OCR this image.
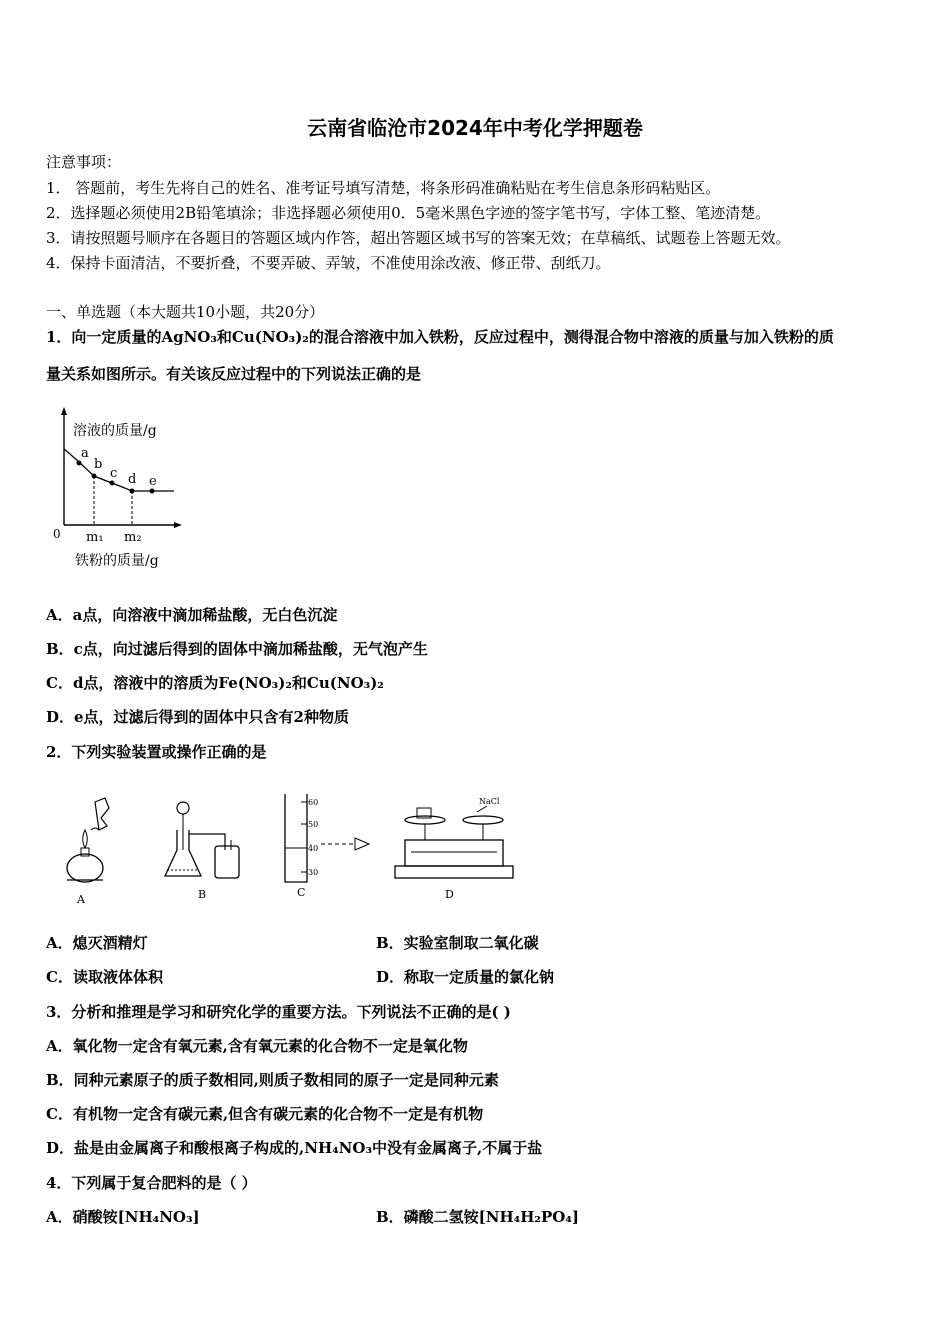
云南省临沧市2024年中考化学押题卷
注意事项：
1． 答题前，考生先将自己的姓名、准考证号填写清楚，将条形码准确粘贴在考生信息条形码粘贴区。
2．选择题必须使用2B铅笔填涂；非选择题必须使用0．5毫米黑色字迹的签字笔书写，字体工整、笔迹清楚。
3．请按照题号顺序在各题目的答题区域内作答，超出答题区域书写的答案无效；在草稿纸、试题卷上答题无效。
4．保持卡面清洁，不要折叠，不要弄破、弄皱，不准使用涂改液、修正带、刮纸刀。
一、单选题（本大题共10小题，共20分）
1．向一定质量的AgNO₃和Cu(NO₃)₂的混合溶液中加入铁粉，反应过程中，测得混合物中溶液的质量与加入铁粉的质
量关系如图所示。有关该反应过程中的下列说法正确的是
a
b
c d e
溶液的质量/g
0 m₁ m₂
铁粉的质量/g
A．a点，向溶液中滴加稀盐酸，无白色沉淀
B．c点，向过滤后得到的固体中滴加稀盐酸，无气泡产生
C．d点，溶液中的溶质为Fe(NO₃)₂和Cu(NO₃)₂
D．e点，过滤后得到的固体中只含有2种物质
2．下列实验装置或操作正确的是
A	B
60
50
40
30
C
NaCl
D
A．熄灭酒精灯	B．实验室制取二氧化碳
C．读取液体体积	D．称取一定质量的氯化钠
3．分析和推理是学习和研究化学的重要方法。下列说法不正确的是( )
A．氧化物一定含有氧元素,含有氧元素的化合物不一定是氧化物
B．同种元素原子的质子数相同,则质子数相同的原子一定是同种元素
C．有机物一定含有碳元素,但含有碳元素的化合物不一定是有机物
D．盐是由金属离子和酸根离子构成的,NH₄NO₃中没有金属离子,不属于盐
4．下列属于复合肥料的是（ ）
A．硝酸铵[NH₄NO₃]	B．磷酸二氢铵[NH₄H₂PO₄]
